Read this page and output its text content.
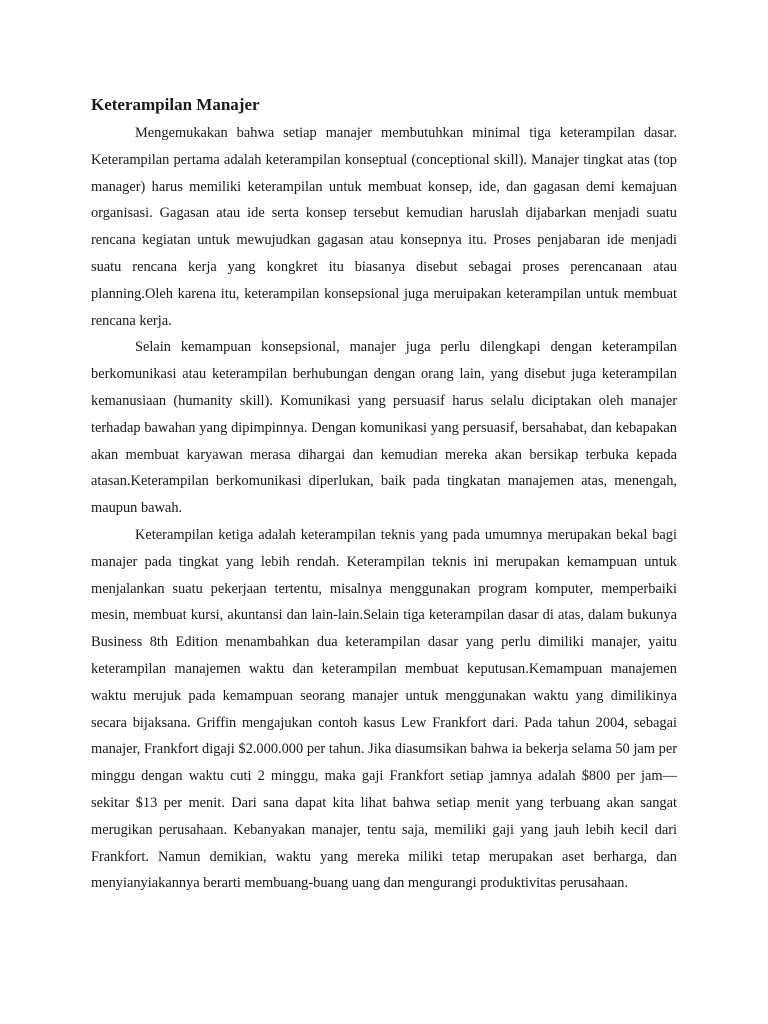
Keterampilan Manajer

Mengemukakan bahwa setiap manajer membutuhkan minimal tiga keterampilan dasar. Keterampilan pertama adalah keterampilan konseptual (conceptional skill). Manajer tingkat atas (top manager) harus memiliki keterampilan untuk membuat konsep, ide, dan gagasan demi kemajuan organisasi. Gagasan atau ide serta konsep tersebut kemudian haruslah dijabarkan menjadi suatu rencana kegiatan untuk mewujudkan gagasan atau konsepnya itu. Proses penjabaran ide menjadi suatu rencana kerja yang kongkret itu biasanya disebut sebagai proses perencanaan atau planning.Oleh karena itu, keterampilan konsepsional juga meruipakan keterampilan untuk membuat rencana kerja.

Selain kemampuan konsepsional, manajer juga perlu dilengkapi dengan keterampilan berkomunikasi atau keterampilan berhubungan dengan orang lain, yang disebut juga keterampilan kemanusiaan (humanity skill). Komunikasi yang persuasif harus selalu diciptakan oleh manajer terhadap bawahan yang dipimpinnya. Dengan komunikasi yang persuasif, bersahabat, dan kebapakan akan membuat karyawan merasa dihargai dan kemudian mereka akan bersikap terbuka kepada atasan.Keterampilan berkomunikasi diperlukan, baik pada tingkatan manajemen atas, menengah, maupun bawah.

Keterampilan ketiga adalah keterampilan teknis yang pada umumnya merupakan bekal bagi manajer pada tingkat yang lebih rendah. Keterampilan teknis ini merupakan kemampuan untuk menjalankan suatu pekerjaan tertentu, misalnya menggunakan program komputer, memperbaiki mesin, membuat kursi, akuntansi dan lain-lain.Selain tiga keterampilan dasar di atas, dalam bukunya Business 8th Edition menambahkan dua keterampilan dasar yang perlu dimiliki manajer, yaitu keterampilan manajemen waktu dan keterampilan membuat keputusan.Kemampuan manajemen waktu merujuk pada kemampuan seorang manajer untuk menggunakan waktu yang dimilikinya secara bijaksana. Griffin mengajukan contoh kasus Lew Frankfort dari. Pada tahun 2004, sebagai manajer, Frankfort digaji $2.000.000 per tahun. Jika diasumsikan bahwa ia bekerja selama 50 jam per minggu dengan waktu cuti 2 minggu, maka gaji Frankfort setiap jamnya adalah $800 per jam—sekitar $13 per menit. Dari sana dapat kita lihat bahwa setiap menit yang terbuang akan sangat merugikan perusahaan. Kebanyakan manajer, tentu saja, memiliki gaji yang jauh lebih kecil dari Frankfort. Namun demikian, waktu yang mereka miliki tetap merupakan aset berharga, dan menyianyiakannya berarti membuang-buang uang dan mengurangi produktivitas perusahaan.
